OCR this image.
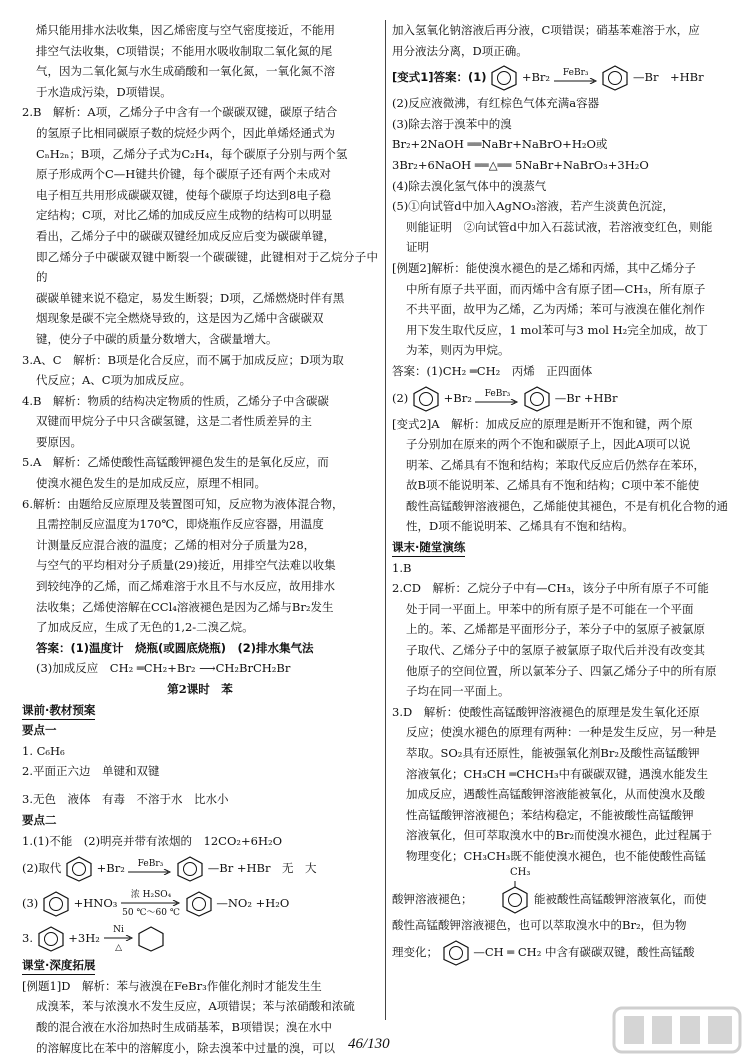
烯只能用排水法收集，因乙烯密度与空气密度接近，不能用

排空气法收集，C项错误；不能用水吸收制取二氧化氮的尾

气，因为二氧化氮与水生成硝酸和一氧化氮，一氧化氮不溶

于水造成污染，D项错误。

2.B　解析：A项，乙烯分子中含有一个碳碳双键，碳原子结合

的氢原子比相同碳原子数的烷烃少两个，因此单烯烃通式为

CₙH₂ₙ；B项，乙烯分子式为C₂H₄，每个碳原子分别与两个氢

原子形成两个C—H键共价键，每个碳原子还有两个未成对

电子相互共用形成碳碳双键，使每个碳原子均达到8电子稳

定结构；C项，对比乙烯的加成反应生成物的结构可以明显

看出，乙烯分子中的碳碳双键经加成反应后变为碳碳单键，

即乙烯分子中碳碳双键中断裂一个碳碳键，此键相对于乙烷分子中的

碳碳单键来说不稳定，易发生断裂；D项，乙烯燃烧时伴有黑

烟现象是碳不完全燃烧导致的，这是因为乙烯中含碳碳双

键，使分子中碳的质量分数增大，含碳量增大。

3.A、C　解析：B项是化合反应，而不属于加成反应；D项为取

代反应；A、C项为加成反应。

4.B　解析：物质的结构决定物质的性质，乙烯分子中含碳碳

双键而甲烷分子中只含碳氢键，这是二者性质差异的主

要原因。

5.A　解析：乙烯使酸性高锰酸钾褪色发生的是氧化反应，而

使溴水褪色发生的是加成反应，原理不相同。

6.解析：由题给反应原理及装置图可知，反应物为液体混合物，

且需控制反应温度为170℃，即烧瓶作反应容器，用温度

计测量反应混合液的温度；乙烯的相对分子质量为28，

与空气的平均相对分子质量(29)接近，用排空气法难以收集

到较纯净的乙烯，而乙烯难溶于水且不与水反应，故用排水

法收集；乙烯使溶解在CCl₄溶液褪色是因为乙烯与Br₂发生

了加成反应，生成了无色的1,2-二溴乙烷。

答案：(1)温度计　烧瓶(或圆底烧瓶)　(2)排水集气法

(3)加成反应　CH₂ ═CH₂+Br₂ ⟶CH₂BrCH₂Br

第2课时　苯

课前·教材预案

要点一

1. C₆H₆

2.平面正六边　单键和双键

3.无色　液体　有毒　不溶于水　比水小

要点二

1.(1)不能　(2)明亮并带有浓烟的　12CO₂+6H₂O

(2)取代	+Br₂ FeBr₃	—Br +HBr　无　大

(3)	+HNO₃ 浓 H₂SO₄

50 ℃～60 ℃  —NO₂ +H₂O

3.	+3H₂ Ni

△

课堂·深度拓展

[例题1]D　解析：苯与液溴在FeBr₃作催化剂时才能发生生

成溴苯，苯与浓溴水不发生反应，A项错误；苯与浓硝酸和浓硫

酸的混合液在水浴加热时生成硝基苯，B项错误；溴在水中

的溶解度比在苯中的溶解度小，除去溴苯中过量的溴，可以

加入氢氧化钠溶液后再分液，C项错误；硝基苯难溶于水，应

用分液法分离，D项正确。

[变式1]答案：(1)	+Br₂ FeBr₃	—Br　+HBr

(2)反应液微沸，有红棕色气体充满a容器

(3)除去溶于溴苯中的溴

Br₂+2NaOH ══NaBr+NaBrO+H₂O或

3Br₂+6NaOH ══△══ 5NaBr+NaBrO₃+3H₂O

(4)除去溴化氢气体中的溴蒸气

(5)①向试管d中加入AgNO₃溶液，若产生淡黄色沉淀，

则能证明　②向试管d中加入石蕊试液，若溶液变红色，则能

证明

[例题2]解析：能使溴水褪色的是乙烯和丙烯，其中乙烯分子

中所有原子共平面，而丙烯中含有原子团—CH₃，所有原子

不共平面，故甲为乙烯，乙为丙烯；苯可与液溴在催化剂作

用下发生取代反应，1 mol苯可与3 mol H₂完全加成，故丁

为苯，则丙为甲烷。

答案：(1)CH₂ ═CH₂　丙烯　正四面体

(2)	+Br₂ FeBr₃	—Br +HBr

[变式2]A　解析：加成反应的原理是断开不饱和键，两个原

子分别加在原来的两个不饱和碳原子上，因此A项可以说

明苯、乙烯具有不饱和结构；苯取代反应后仍然存在苯环，

故B项不能说明苯、乙烯具有不饱和结构；C项中苯不能使

酸性高锰酸钾溶液褪色，乙烯能使其褪色，不是有机化合物的通

性，D项不能说明苯、乙烯具有不饱和结构。

课末·随堂演练

1.B

2.CD　解析：乙烷分子中有—CH₃，该分子中所有原子不可能

处于同一平面上。甲苯中的所有原子是不可能在一个平面

上的。苯、乙烯都是平面形分子，苯分子中的氢原子被氯原

子取代、乙烯分子中的氢原子被氯原子取代后并没有改变其

他原子的空间位置，所以氯苯分子、四氯乙烯分子中的所有原

子均在同一平面上。

3.D　解析：使酸性高锰酸钾溶液褪色的原理是发生氧化还原

反应；使溴水褪色的原理有两种：一种是发生反应，另一种是

萃取。SO₂具有还原性，能被强氧化剂Br₂及酸性高锰酸钾

溶液氧化；CH₃CH ═CHCH₃中有碳碳双键，遇溴水能发生

加成反应，遇酸性高锰酸钾溶液能被氧化，从而使溴水及酸

性高锰酸钾溶液褪色；苯结构稳定，不能被酸性高锰酸钾

溶液氧化，但可萃取溴水中的Br₂而使溴水褪色，此过程属于

物理变化；CH₃CH₃既不能使溴水褪色，也不能使酸性高锰

CH₃
酸钾溶液褪色；	能被酸性高锰酸钾溶液氧化，而使

酸性高锰酸钾溶液褪色，也可以萃取溴水中的Br₂，但为物

理变化；	—CH ═ CH₂ 中含有碳碳双键，酸性高锰酸

46/130
